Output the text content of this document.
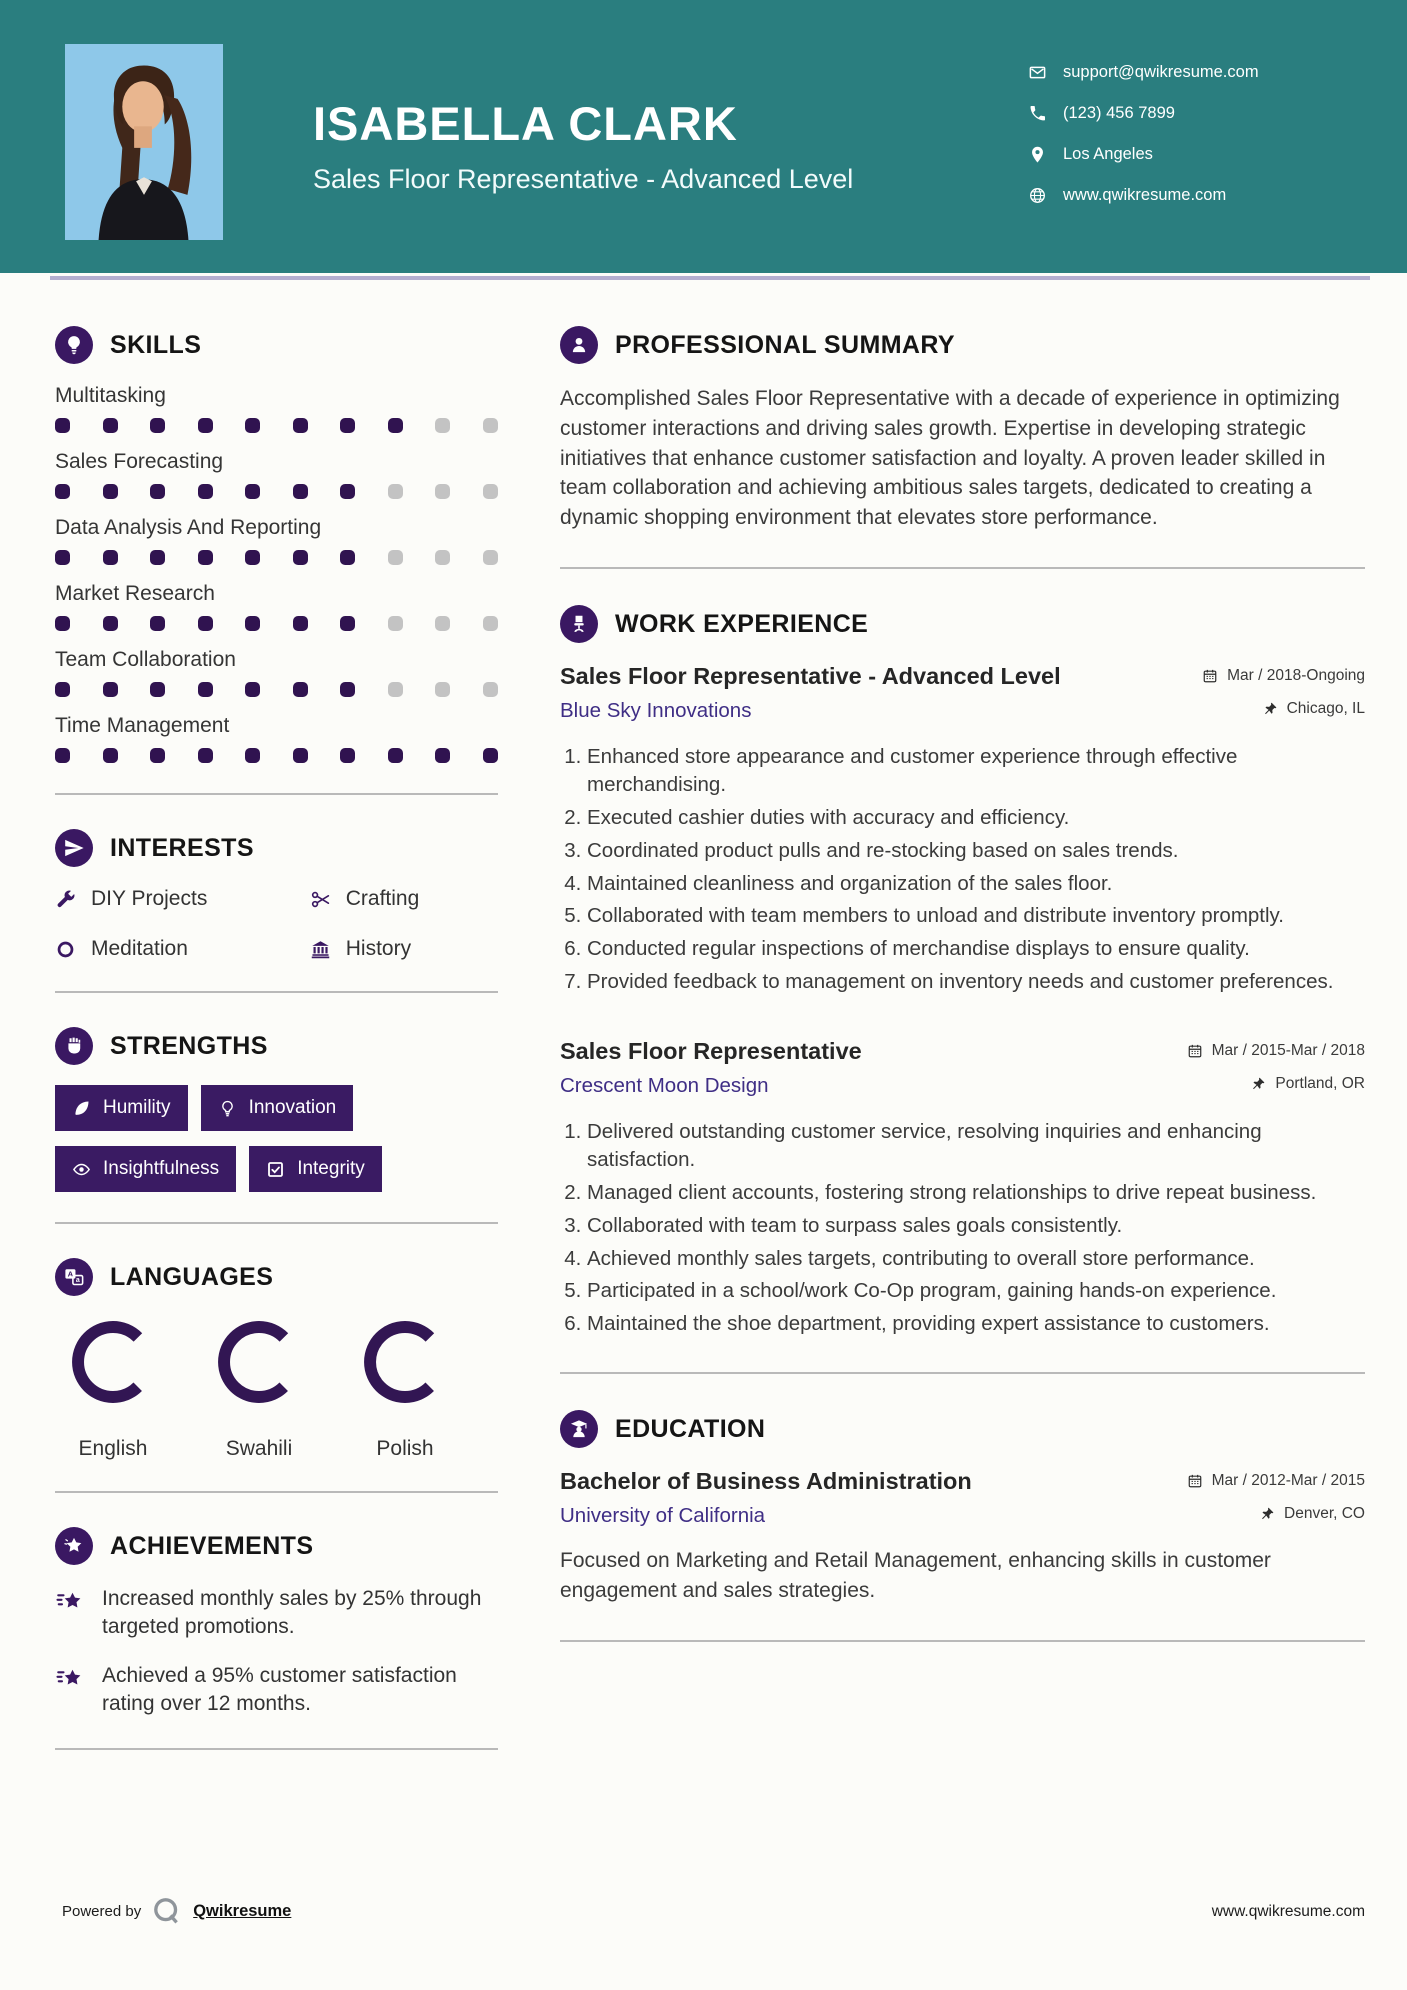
ISABELLA CLARK
Sales Floor Representative - Advanced Level
support@qwikresume.com
(123) 456 7899
Los Angeles
www.qwikresume.com
SKILLS
Multitasking
Sales Forecasting
Data Analysis And Reporting
Market Research
Team Collaboration
Time Management
INTERESTS
DIY Projects	Crafting
Meditation	History
STRENGTHS
Humility	Innovation
Insightfulness	Integrity
A
a LANGUAGES
English	Swahili	Polish
ACHIEVEMENTS
Increased monthly sales by 25% through targeted promotions.
Achieved a 95% customer satisfaction rating over 12 months.
PROFESSIONAL SUMMARY

Accomplished Sales Floor Representative with a decade of experience in optimizing customer interactions and driving sales growth. Expertise in developing strategic initiatives that enhance customer satisfaction and loyalty. A proven leader skilled in team collaboration and achieving ambitious sales targets, dedicated to creating a dynamic shopping environment that elevates store performance.

WORK EXPERIENCE
Sales Floor Representative - Advanced Level	Mar / 2018-Ongoing
Blue Sky Innovations	Chicago, IL
1. Enhanced store appearance and customer experience through effective merchandising.
2. Executed cashier duties with accuracy and efficiency.
3. Coordinated product pulls and re-stocking based on sales trends.
4. Maintained cleanliness and organization of the sales floor.
5. Collaborated with team members to unload and distribute inventory promptly.
6. Conducted regular inspections of merchandise displays to ensure quality.
7. Provided feedback to management on inventory needs and customer preferences.
Sales Floor Representative	Mar / 2015-Mar / 2018
Crescent Moon Design	Portland, OR
1. Delivered outstanding customer service, resolving inquiries and enhancing satisfaction.
2. Managed client accounts, fostering strong relationships to drive repeat business.
3. Collaborated with team to surpass sales goals consistently.
4. Achieved monthly sales targets, contributing to overall store performance.
5. Participated in a school/work Co-Op program, gaining hands-on experience.
6. Maintained the shoe department, providing expert assistance to customers.
EDUCATION
Bachelor of Business Administration	Mar / 2012-Mar / 2015
University of California	Denver, CO

Focused on Marketing and Retail Management, enhancing skills in customer engagement and sales strategies.

Powered by	Qwikresume	www.qwikresume.com
